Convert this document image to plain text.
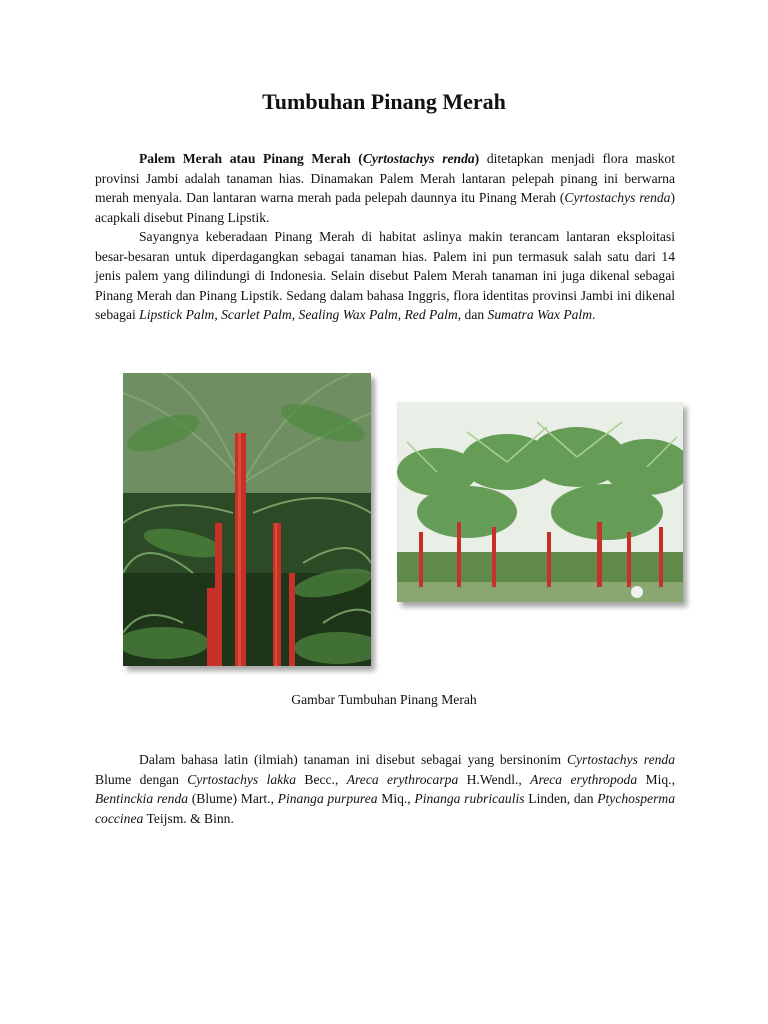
Tumbuhan Pinang Merah

Palem Merah atau Pinang Merah (Cyrtostachys renda) ditetapkan menjadi flora maskot provinsi Jambi adalah tanaman hias. Dinamakan Palem Merah lantaran pelepah pinang ini berwarna merah menyala. Dan lantaran warna merah pada pelepah daunnya itu Pinang Merah (Cyrtostachys renda) acapkali disebut Pinang Lipstik.

Sayangnya keberadaan Pinang Merah di habitat aslinya makin terancam lantaran eksploitasi besar-besaran untuk diperdagangkan sebagai tanaman hias. Palem ini pun termasuk salah satu dari 14 jenis palem yang dilindungi di Indonesia. Selain disebut Palem Merah tanaman ini juga dikenal sebagai Pinang Merah dan Pinang Lipstik. Sedang dalam bahasa Inggris, flora identitas provinsi Jambi ini dikenal sebagai Lipstick Palm, Scarlet Palm, Sealing Wax Palm, Red Palm, dan Sumatra Wax Palm.

Gambar Tumbuhan Pinang Merah

Dalam bahasa latin (ilmiah) tanaman ini disebut sebagai yang bersinonim Cyrtostachys renda Blume dengan Cyrtostachys lakka Becc., Areca erythrocarpa H.Wendl., Areca erythropoda Miq., Bentinckia renda (Blume) Mart., Pinanga purpurea Miq., Pinanga rubricaulis Linden, dan Ptychosperma coccinea Teijsm. & Binn.
